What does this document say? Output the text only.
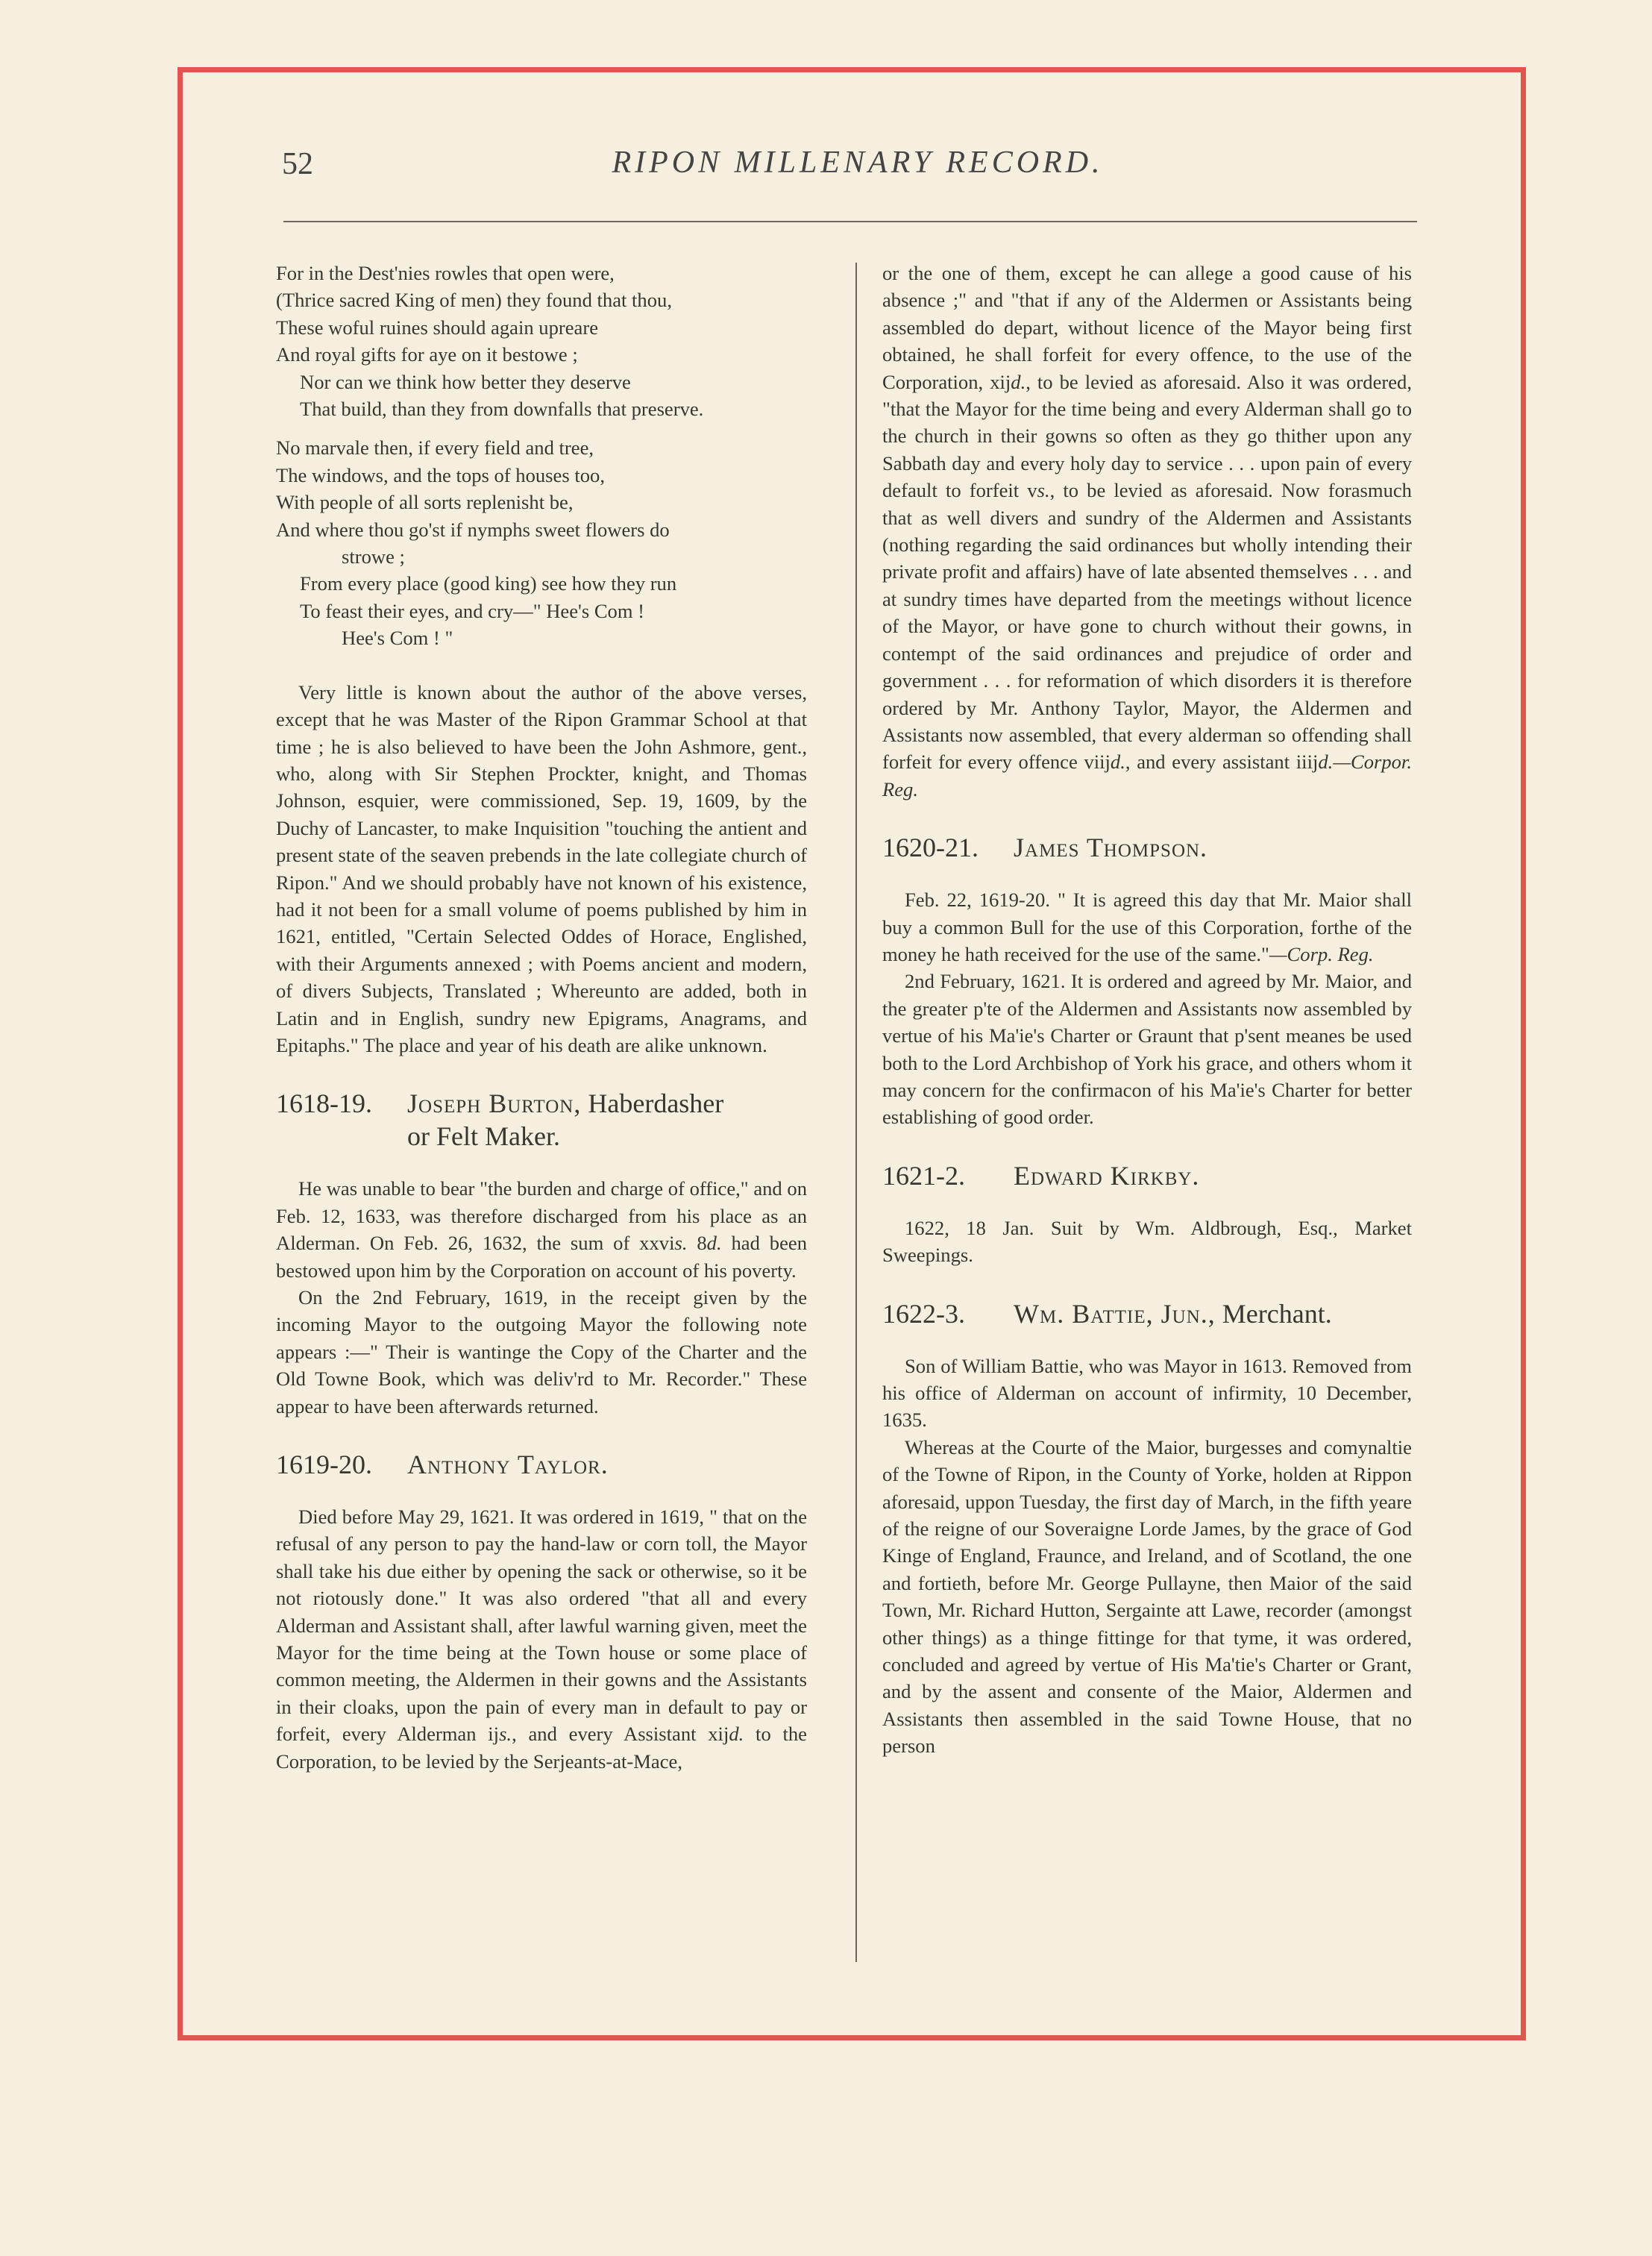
52	RIPON MILLENARY RECORD.

For in the Dest'nies rowles that open were,

(Thrice sacred King of men) they found that thou,

These woful ruines should again upreare

And royal gifts for aye on it bestowe ;

Nor can we think how better they deserve

That build, than they from downfalls that preserve.

No marvale then, if every field and tree,

The windows, and the tops of houses too,

With people of all sorts replenisht be,

And where thou go'st if nymphs sweet flowers do

strowe ;

From every place (good king) see how they run

To feast their eyes, and cry—" Hee's Com !

Hee's Com ! "

Very little is known about the author of the above verses, except that he was Master of the Ripon Grammar School at that time ; he is also believed to have been the John Ashmore, gent., who, along with Sir Stephen Prockter, knight, and Thomas Johnson, esquier, were commissioned, Sep. 19, 1609, by the Duchy of Lancaster, to make Inquisition "touching the antient and present state of the seaven prebends in the late collegiate church of Ripon." And we should probably have not known of his existence, had it not been for a small volume of poems published by him in 1621, entitled, "Certain Selected Oddes of Horace, Englished, with their Arguments annexed ; with Poems ancient and modern, of divers Subjects, Translated ; Whereunto are added, both in Latin and in English, sundry new Epigrams, Anagrams, and Epitaphs." The place and year of his death are alike unknown.

1618-19. Joseph Burton, Haberdasher
or Felt Maker.

He was unable to bear "the burden and charge of office," and on Feb. 12, 1633, was therefore discharged from his place as an Alderman. On Feb. 26, 1632, the sum of xxvis. 8d. had been bestowed upon him by the Corporation on account of his poverty.

On the 2nd February, 1619, in the receipt given by the incoming Mayor to the outgoing Mayor the following note appears :—" Their is wantinge the Copy of the Charter and the Old Towne Book, which was deliv'rd to Mr. Recorder." These appear to have been afterwards returned.

1619-20. Anthony Taylor.

Died before May 29, 1621. It was ordered in 1619, " that on the refusal of any person to pay the hand-law or corn toll, the Mayor shall take his due either by opening the sack or otherwise, so it be not riotously done." It was also ordered "that all and every Alderman and Assistant shall, after lawful warning given, meet the Mayor for the time being at the Town house or some place of common meeting, the Aldermen in their gowns and the Assistants in their cloaks, upon the pain of every man in default to pay or forfeit, every Alderman ijs., and every Assistant xijd. to the Corporation, to be levied by the Serjeants-at-Mace,

or the one of them, except he can allege a good cause of his absence ;" and "that if any of the Aldermen or Assistants being assembled do depart, without licence of the Mayor being first obtained, he shall forfeit for every offence, to the use of the Corporation, xijd., to be levied as aforesaid. Also it was ordered, "that the Mayor for the time being and every Alderman shall go to the church in their gowns so often as they go thither upon any Sabbath day and every holy day to service . . . upon pain of every default to forfeit vs., to be levied as aforesaid. Now forasmuch that as well divers and sundry of the Aldermen and Assistants (nothing regarding the said ordinances but wholly intending their private profit and affairs) have of late absented themselves . . . and at sundry times have departed from the meetings without licence of the Mayor, or have gone to church without their gowns, in contempt of the said ordinances and prejudice of order and government . . . for reformation of which disorders it is therefore ordered by Mr. Anthony Taylor, Mayor, the Aldermen and Assistants now assembled, that every alderman so offending shall forfeit for every offence viijd., and every assistant iiijd.—Corpor. Reg.

1620-21. James Thompson.

Feb. 22, 1619-20. " It is agreed this day that Mr. Maior shall buy a common Bull for the use of this Corporation, forthe of the money he hath received for the use of the same."—Corp. Reg.

2nd February, 1621. It is ordered and agreed by Mr. Maior, and the greater p'te of the Aldermen and Assistants now assembled by vertue of his Ma'ie's Charter or Graunt that p'sent meanes be used both to the Lord Archbishop of York his grace, and others whom it may concern for the confirmacon of his Ma'ie's Charter for better establishing of good order.

1621-2. Edward Kirkby.

1622, 18 Jan. Suit by Wm. Aldbrough, Esq., Market Sweepings.

1622-3. Wm. Battie, Jun., Merchant.

Son of William Battie, who was Mayor in 1613. Removed from his office of Alderman on account of infirmity, 10 December, 1635.

Whereas at the Courte of the Maior, burgesses and comynaltie of the Towne of Ripon, in the County of Yorke, holden at Rippon aforesaid, uppon Tuesday, the first day of March, in the fifth yeare of the reigne of our Soveraigne Lorde James, by the grace of God Kinge of England, Fraunce, and Ireland, and of Scotland, the one and fortieth, before Mr. George Pullayne, then Maior of the said Town, Mr. Richard Hutton, Sergainte att Lawe, recorder (amongst other things) as a thinge fittinge for that tyme, it was ordered, concluded and agreed by vertue of His Ma'tie's Charter or Grant, and by the assent and consente of the Maior, Aldermen and Assistants then assembled in the said Towne House, that no person
